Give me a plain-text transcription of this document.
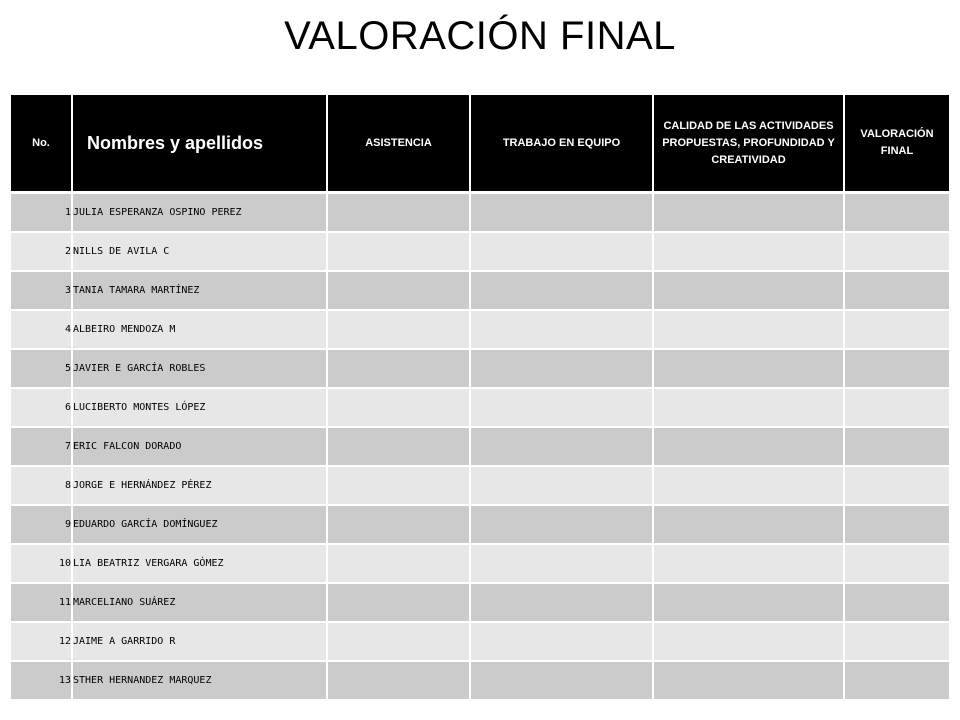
VALORACIÓN FINAL
No.	Nombres y apellidos	ASISTENCIA	TRABAJO EN EQUIPO	CALIDAD DE LAS ACTIVIDADES PROPUESTAS, PROFUNDIDAD Y CREATIVIDAD	VALORACIÓN FINAL
1	JULIA ESPERANZA OSPINO PEREZ				
2	NILLS DE AVILA C				
3	TANIA TAMARA MARTÍNEZ				
4	ALBEIRO MENDOZA M				
5	JAVIER E GARCÍA ROBLES				
6	LUCIBERTO MONTES LÓPEZ				
7	ERIC FALCON DORADO				
8	JORGE E HERNÁNDEZ PÉREZ				
9	EDUARDO GARCÍA DOMÍNGUEZ				
10	LIA BEATRIZ VERGARA GÓMEZ				
11	MARCELIANO SUÁREZ				
12	JAIME A GARRIDO R				
13	STHER HERNANDEZ MARQUEZ				
